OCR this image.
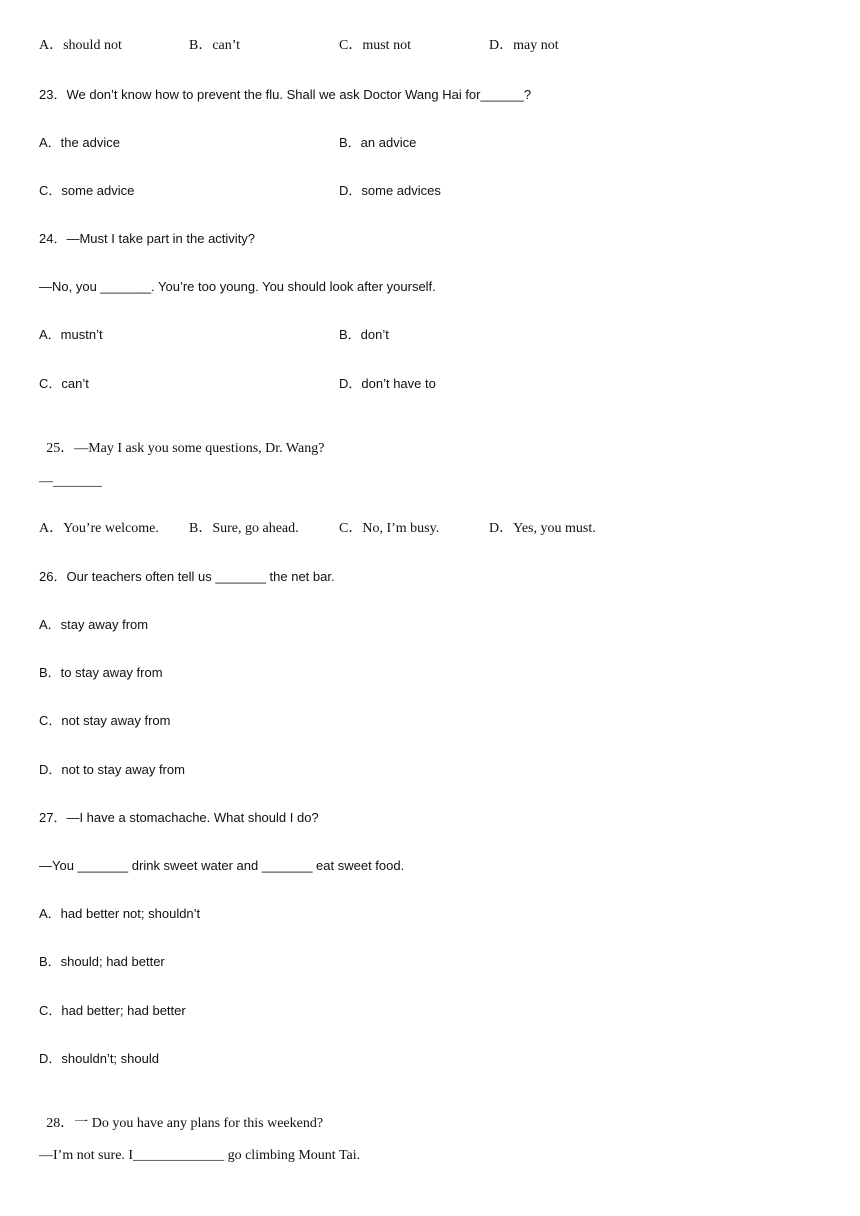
A．should not	B．can’t	C．must not	D．may not
23．We don’t know how to prevent the flu. Shall we ask Doctor Wang Hai for______?
A．the advice	B．an advice
C．some advice	D．some advices
24．—Must I take part in the activity?
—No, you _______. You’re too young. You should look after yourself.
A．mustn’t	B．don’t
C．can’t	D．don’t have to

25．—May I ask you some questions, Dr. Wang?

—_______
A．You’re welcome. B．Sure, go ahead.	C．No, I’m busy.	D．Yes, you must.
26．Our teachers often tell us _______ the net bar.
A．stay away from
B．to stay away from
C．not stay away from
D．not to stay away from
27．—I have a stomachache. What should I do?
—You _______ drink sweet water and _______ eat sweet food.
A．had better not; shouldn’t
B．should; had better
C．had better; had better
D．shouldn’t; should

28．一 Do you have any plans for this weekend?

—I’m not sure. I_____________ go climbing Mount Tai.
